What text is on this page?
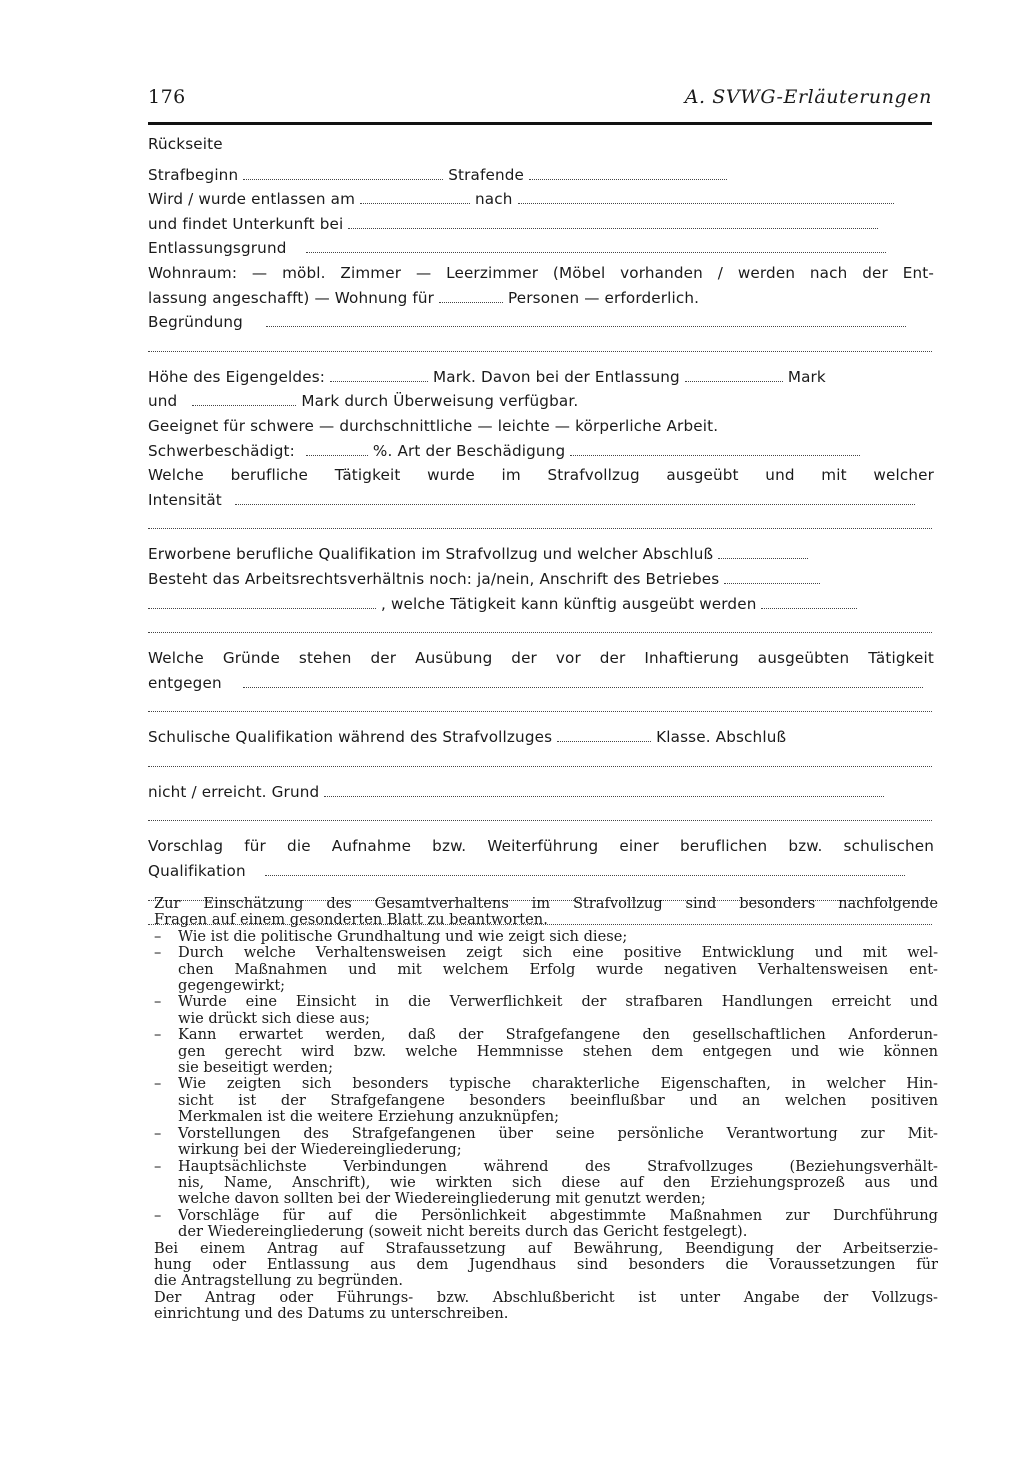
176	A. SVWG-Erläuterungen
Rückseite
Strafbeginn	Strafende
Wird / wurde entlassen am	nach
und findet Unterkunft bei
Entlassungsgrund
Wohnraum: — möbl. Zimmer — Leerzimmer (Möbel vorhanden / werden nach der Ent-
lassung angeschafft) — Wohnung für	Personen — erforderlich.
Begründung
Höhe des Eigengeldes:	Mark. Davon bei der Entlassung	Mark
und	Mark durch Überweisung verfügbar.
Geeignet für schwere — durchschnittliche — leichte — körperliche Arbeit.
Schwerbeschädigt:	%. Art der Beschädigung
Welche berufliche Tätigkeit wurde im Strafvollzug ausgeübt und mit welcher
Intensität
Erworbene berufliche Qualifikation im Strafvollzug und welcher Abschluß
Besteht das Arbeitsrechtsverhältnis noch: ja/nein, Anschrift des Betriebes
, welche Tätigkeit kann künftig ausgeübt werden
Welche Gründe stehen der Ausübung der vor der Inhaftierung ausgeübten Tätigkeit
entgegen
Schulische Qualifikation während des Strafvollzuges	Klasse. Abschluß
nicht / erreicht. Grund
Vorschlag für die Aufnahme bzw. Weiterführung einer beruflichen bzw. schulischen
Qualifikation

Zur Einschätzung des Gesamtverhaltens im Strafvollzug sind besonders nachfolgende

Fragen auf einem gesonderten Blatt zu beantworten.

–	Wie ist die politische Grundhaltung und wie zeigt sich diese;
–	Durch welche Verhaltensweisen zeigt sich eine positive Entwicklung und mit wel-
chen Maßnahmen und mit welchem Erfolg wurde negativen Verhaltensweisen ent-
gegengewirkt;
–	Wurde eine Einsicht in die Verwerflichkeit der strafbaren Handlungen erreicht und
wie drückt sich diese aus;
–	Kann erwartet werden, daß der Strafgefangene den gesellschaftlichen Anforderun-
gen gerecht wird bzw. welche Hemmnisse stehen dem entgegen und wie können
sie beseitigt werden;
–	Wie zeigten sich besonders typische charakterliche Eigenschaften, in welcher Hin-
sicht ist der Strafgefangene besonders beeinflußbar und an welchen positiven
Merkmalen ist die weitere Erziehung anzuknüpfen;
–	Vorstellungen des Strafgefangenen über seine persönliche Verantwortung zur Mit-
wirkung bei der Wiedereingliederung;
–	Hauptsächlichste Verbindungen während des Strafvollzuges (Beziehungsverhält-
nis, Name, Anschrift), wie wirkten sich diese auf den Erziehungsprozeß aus und
welche davon sollten bei der Wiedereingliederung mit genutzt werden;
–	Vorschläge für auf die Persönlichkeit abgestimmte Maßnahmen zur Durchführung
der Wiedereingliederung (soweit nicht bereits durch das Gericht festgelegt).

Bei einem Antrag auf Strafaussetzung auf Bewährung, Beendigung der Arbeitserzie-

hung oder Entlassung aus dem Jugendhaus sind besonders die Voraussetzungen für

die Antragstellung zu begründen.

Der Antrag oder Führungs- bzw. Abschlußbericht ist unter Angabe der Vollzugs-

einrichtung und des Datums zu unterschreiben.
